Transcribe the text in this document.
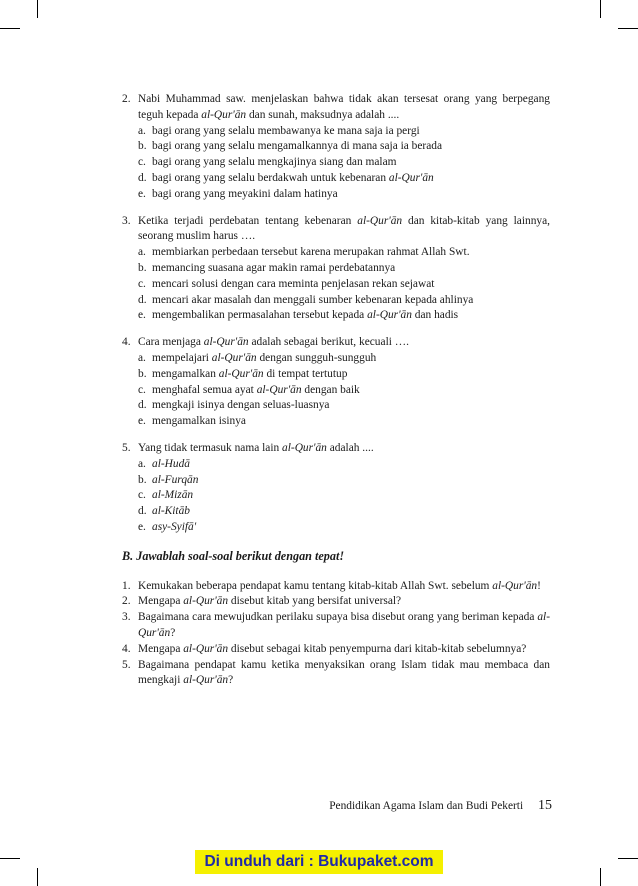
2. Nabi Muhammad saw. menjelaskan bahwa tidak akan tersesat orang yang berpegang teguh kepada al-Qur'ān dan sunah, maksudnya adalah ....
a. bagi orang yang selalu membawanya ke mana saja ia pergi
b. bagi orang yang selalu mengamalkannya di mana saja ia berada
c. bagi orang yang selalu mengkajinya siang dan malam
d. bagi orang yang selalu berdakwah untuk kebenaran al-Qur'ān
e. bagi orang yang meyakini dalam hatinya
3. Ketika terjadi perdebatan tentang kebenaran al-Qur'ān dan kitab-kitab yang lainnya, seorang muslim harus ….
a. membiarkan perbedaan tersebut karena merupakan rahmat Allah Swt.
b. memancing suasana agar makin ramai perdebatannya
c. mencari solusi dengan cara meminta penjelasan rekan sejawat
d. mencari akar masalah dan menggali sumber kebenaran kepada ahlinya
e. mengembalikan permasalahan tersebut kepada al-Qur'ān dan hadis
4. Cara menjaga al-Qur'ān adalah sebagai berikut, kecuali ….
a. mempelajari al-Qur'ān dengan sungguh-sungguh
b. mengamalkan al-Qur'ān di tempat tertutup
c. menghafal semua ayat al-Qur'ān dengan baik
d. mengkaji isinya dengan seluas-luasnya
e. mengamalkan isinya
5. Yang tidak termasuk nama lain al-Qur'ān adalah ....
a. al-Hudā
b. al-Furqān
c. al-Mizān
d. al-Kitāb
e. asy-Syifā'
B. Jawablah soal-soal berikut dengan tepat!
1. Kemukakan beberapa pendapat kamu tentang kitab-kitab Allah Swt. sebelum al-Qur'ān!
2. Mengapa al-Qur'ān disebut kitab yang bersifat universal?
3. Bagaimana cara mewujudkan perilaku supaya bisa disebut orang yang beriman kepada al-Qur'ān?
4. Mengapa al-Qur'ān disebut sebagai kitab penyempurna dari kitab-kitab sebelumnya?
5. Bagaimana pendapat kamu ketika menyaksikan orang Islam tidak mau membaca dan mengkaji al-Qur'ān?
Pendidikan Agama Islam dan Budi Pekerti 15
Di unduh dari : Bukupaket.com
